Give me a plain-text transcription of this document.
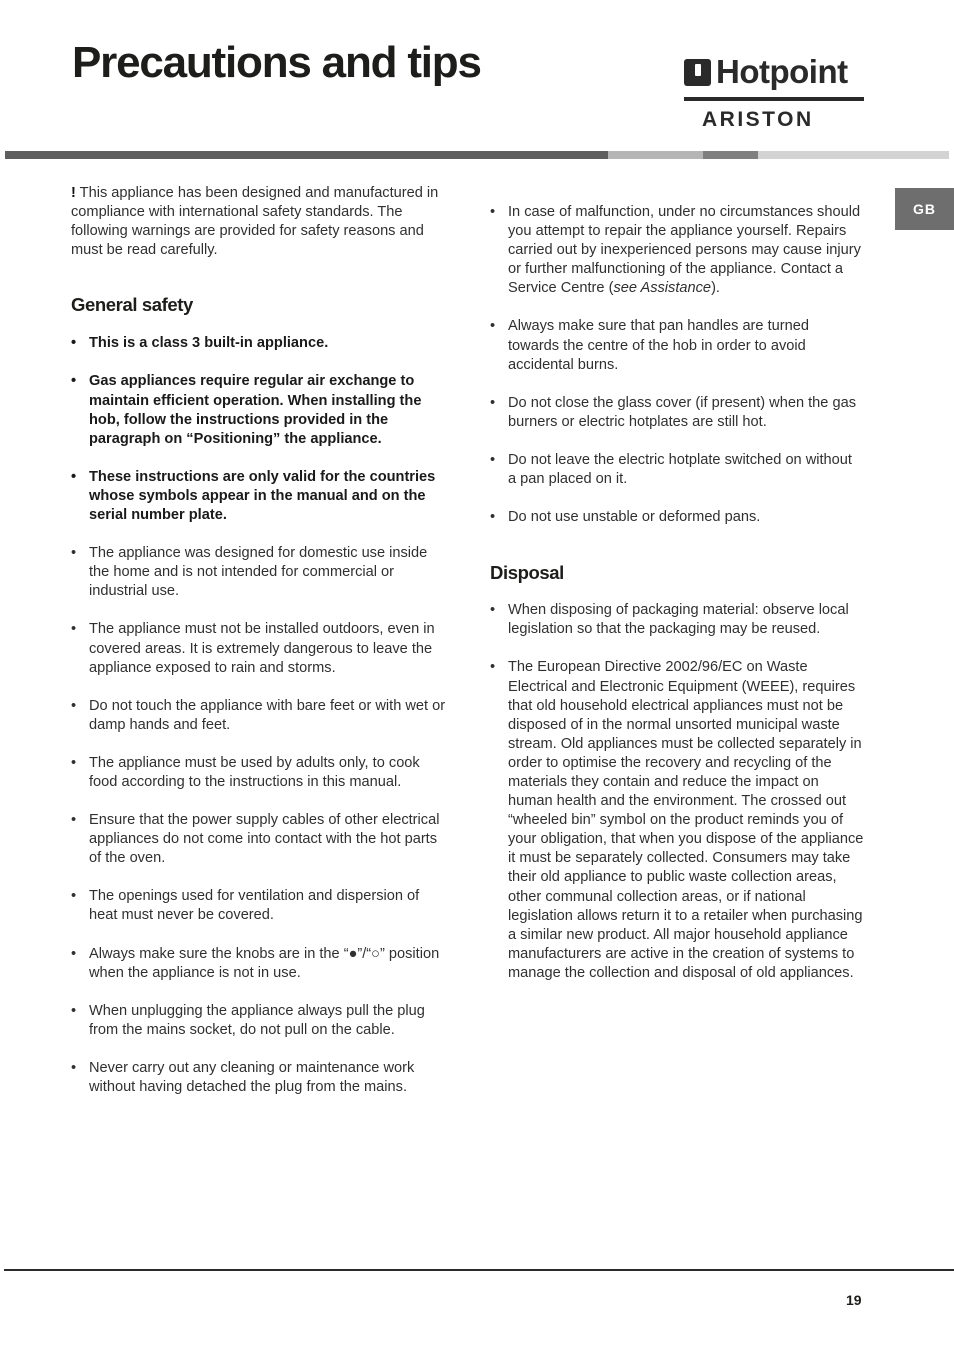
Precautions and tips	Hotpoint
ARISTON
GB

! This appliance has been designed and manufactured in compliance with international safety standards. The following warnings are provided for safety reasons and must be read carefully.

General safety
• This is a class 3 built-in appliance.
• Gas appliances require regular air exchange to maintain efficient operation. When installing the hob, follow the instructions provided in the paragraph on “Positioning” the appliance.
• These instructions are only valid for the countries whose symbols appear in the manual and on the serial number plate.
• The appliance was designed for domestic use inside the home and is not intended for commercial or industrial use.
• The appliance must not be installed outdoors, even in covered areas. It is extremely dangerous to leave the appliance exposed to rain and storms.
• Do not touch the appliance with bare feet or with wet or damp hands and feet.
• The appliance must be used by adults only, to cook food according to the instructions in this manual.
• Ensure that the power supply cables of other electrical appliances do not come into contact with the hot parts of the oven.
• The openings used for ventilation and dispersion of heat must never be covered.
• Always make sure the knobs are in the “●”/“○” position when the appliance is not in use.
• When unplugging the appliance always pull the plug from the mains socket, do not pull on the cable.
• Never carry out any cleaning or maintenance work without having detached the plug from the mains.
• In case of malfunction, under no circumstances should you attempt to repair the appliance yourself. Repairs carried out by inexperienced persons may cause injury or further malfunctioning of the appliance. Contact a Service Centre (see Assistance).
• Always make sure that pan handles are turned towards the centre of the hob in order to avoid accidental burns.
• Do not close the glass cover (if present) when the gas burners or electric hotplates are still hot.
• Do not leave the electric hotplate switched on without a pan placed on it.
• Do not use unstable or deformed pans.
Disposal
• When disposing of packaging material: observe local legislation so that the packaging may be reused.
• The European Directive 2002/96/EC on Waste Electrical and Electronic Equipment (WEEE), requires that old household electrical appliances must not be disposed of in the normal unsorted municipal waste stream. Old appliances must be collected separately in order to optimise the recovery and recycling of the materials they contain and reduce the impact on human health and the environment. The crossed out “wheeled bin” symbol on the product reminds you of your obligation, that when you dispose of the appliance it must be separately collected. Consumers may take their old appliance to public waste collection areas, other communal collection areas, or if national legislation allows return it to a retailer when purchasing a similar new product. All major household appliance manufacturers are active in the creation of systems to manage the collection and disposal of old appliances.
19
